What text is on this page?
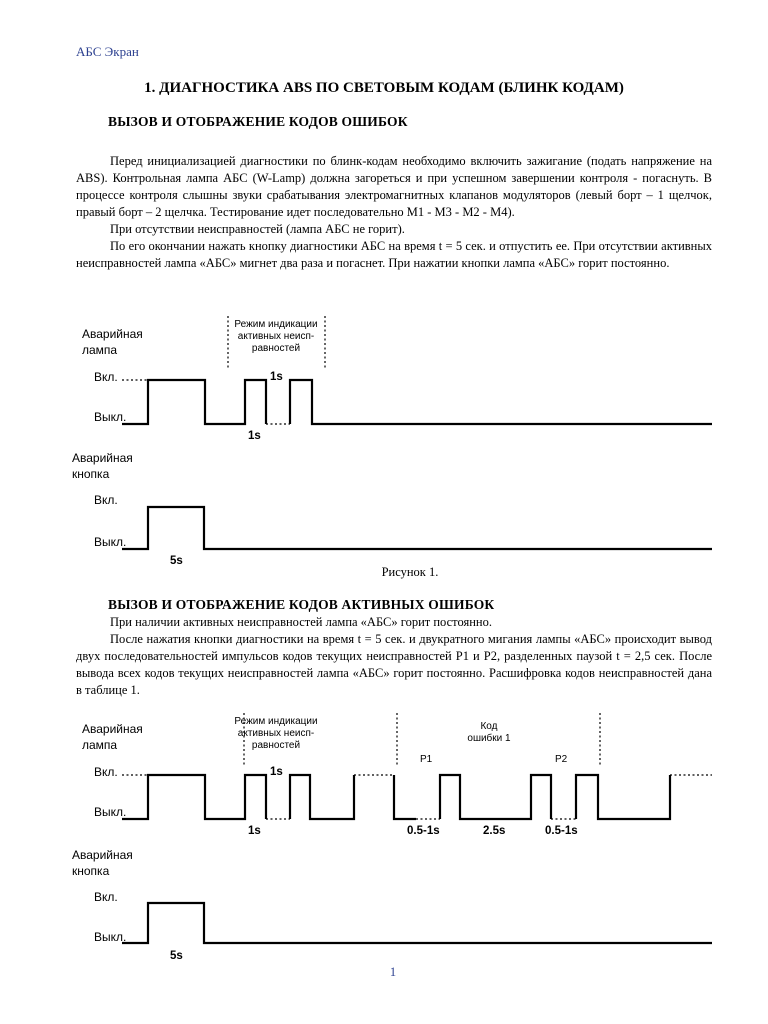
АБС Экран
1. ДИАГНОСТИКА ABS ПО СВЕТОВЫМ КОДАМ (БЛИНК КОДАМ)
ВЫЗОВ И ОТОБРАЖЕНИЕ КОДОВ ОШИБОК

Перед инициализацией диагностики по блинк-кодам необходимо включить зажигание (подать напряжение на ABS). Контрольная лампа АБС (W-Lamp) должна загореться и при успешном завершении контроля - погаснуть. В процессе контроля слышны звуки срабатывания электромагнитных клапанов модуляторов (левый борт – 1 щелчок, правый борт – 2 щелчка. Тестирование идет последовательно М1 - М3 - М2 - М4).

При отсутствии неисправностей (лампа АБС не горит).

По его окончании нажать кнопку диагностики АБС на время t = 5 сек. и отпустить ее. При отсутствии активных неисправностей лампа «АБС» мигнет два раза и погаснет. При нажатии кнопки лампа «АБС» горит постоянно.

Аварийная
лампа
Режим индикации
активных неисп-
равностей
Вкл.
Выкл.
1s
1s
Аварийная
кнопка
Вкл.
Выкл.
5s
Рисунок 1.
ВЫЗОВ И ОТОБРАЖЕНИЕ КОДОВ АКТИВНЫХ ОШИБОК

При наличии активных неисправностей лампа «АБС» горит постоянно.

После нажатия кнопки диагностики на время t = 5 сек. и двукратного мигания лампы «АБС» происходит вывод двух последовательностей импульсов кодов текущих неисправностей Р1 и Р2, разделенных паузой t = 2,5 сек. После вывода всех кодов текущих неисправностей лампа «АБС» горит постоянно. Расшифровка кодов неисправностей дана в таблице 1.

Аварийная
лампа
Режим индикации
активных неисп-
равностей
Код
ошибки 1
P1	P2
Вкл.
Выкл.
1s
1s	0.5-1s	2.5s	0.5-1s
Аварийная
кнопка
Вкл.
Выкл.
5s
1
